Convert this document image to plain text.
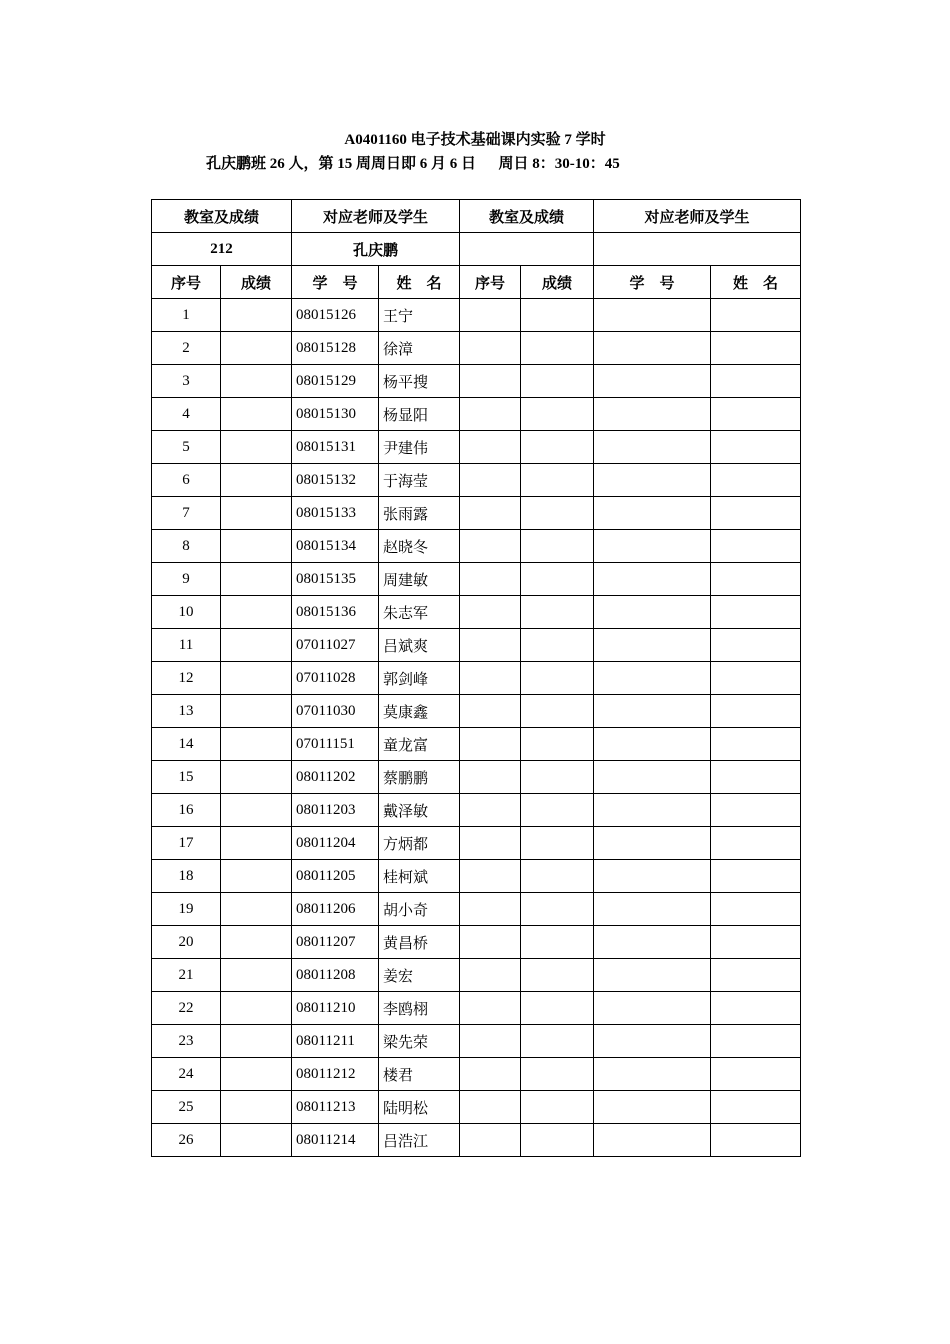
A0401160 电子技术基础课内实验 7 学时
孔庆鹏班 26 人，第 15 周周日即 6 月 6 日      周日 8：30-10：45
教室及成绩		对应老师及学生		教室及成绩		对应老师及学生	
212		孔庆鹏					
序号	成绩	学　号	姓　名	序号	成绩	学　号	姓　名
1		08015126	王宁				
2		08015128	徐漳				
3		08015129	杨平搜				
4		08015130	杨显阳				
5		08015131	尹建伟				
6		08015132	于海莹				
7		08015133	张雨露				
8		08015134	赵晓冬				
9		08015135	周建敏				
10		08015136	朱志军				
11		07011027	吕斌爽				
12		07011028	郭剑峰				
13		07011030	莫康鑫				
14		07011151	童龙富				
15		08011202	蔡鹏鹏				
16		08011203	戴泽敏				
17		08011204	方炳都				
18		08011205	桂柯斌				
19		08011206	胡小奇				
20		08011207	黄昌桥				
21		08011208	姜宏				
22		08011210	李鸥栩				
23		08011211	梁先荣				
24		08011212	楼君				
25		08011213	陆明松				
26		08011214	吕浩江				
